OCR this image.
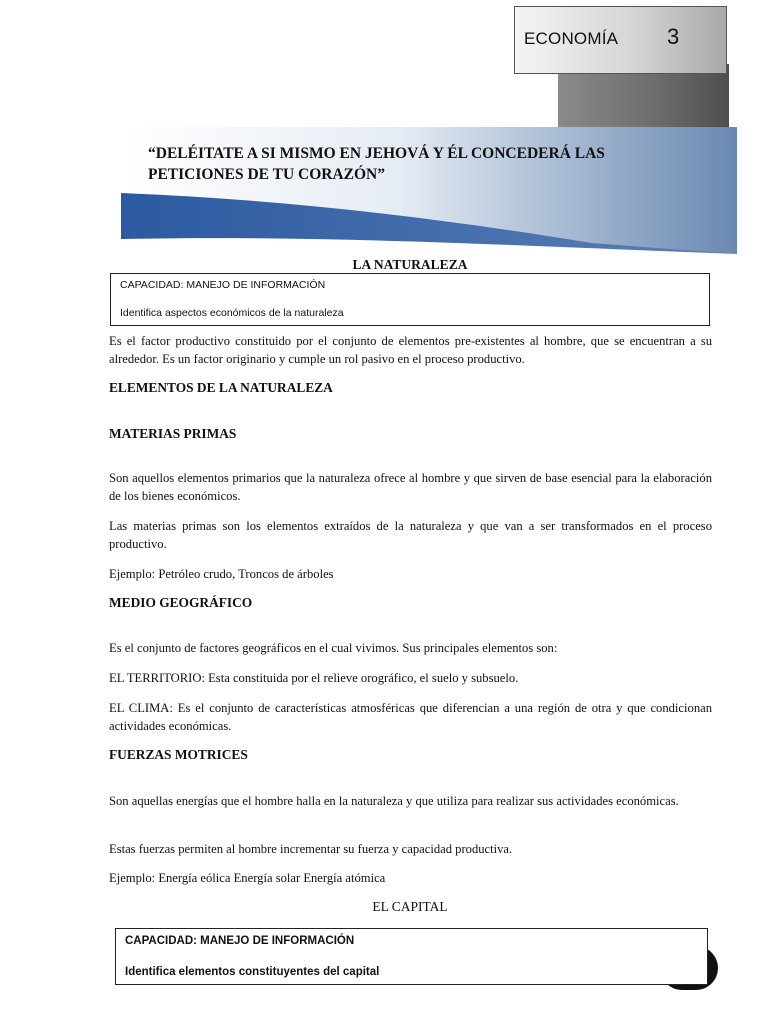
ECONOMÍA 3
“DELÉITATE A SI MISMO EN JEHOVÁ Y ÉL CONCEDERÁ LAS
PETICIONES DE TU CORAZÓN”
LA NATURALEZA
CAPACIDAD: MANEJO DE INFORMACIÓN
Identifica aspectos económicos de la naturaleza
Es el factor productivo constituido por el conjunto de elementos pre-existentes al hombre, que se encuentran a su alrededor. Es un factor originario y cumple un rol pasivo en el proceso productivo.
ELEMENTOS DE LA NATURALEZA
MATERIAS PRIMAS
Son aquellos elementos primarios que la naturaleza ofrece al hombre y que sirven de base esencial para la elaboración de los bienes económicos.
Las materias primas son los elementos extraídos de la naturaleza y que van a ser transformados en el proceso productivo.
Ejemplo: Petróleo crudo, Troncos de árboles
MEDIO GEOGRÁFICO
Es el conjunto de factores geográficos en el cual vivimos. Sus principales elementos son:
EL TERRITORIO: Esta constituida por el relieve orográfico, el suelo y subsuelo.
EL CLIMA: Es el conjunto de características atmosféricas que diferencian a una región de otra y que condicionan actividades económicas.
FUERZAS MOTRICES
Son aquellas energías que el hombre halla en la naturaleza y que utiliza para realizar sus actividades económicas.
Estas fuerzas permiten al hombre incrementar su fuerza y capacidad productiva.
Ejemplo: Energía eólica Energía solar Energía atómica
EL CAPITAL
CAPACIDAD: MANEJO DE INFORMACIÓN
Identifica elementos constituyentes del capital
